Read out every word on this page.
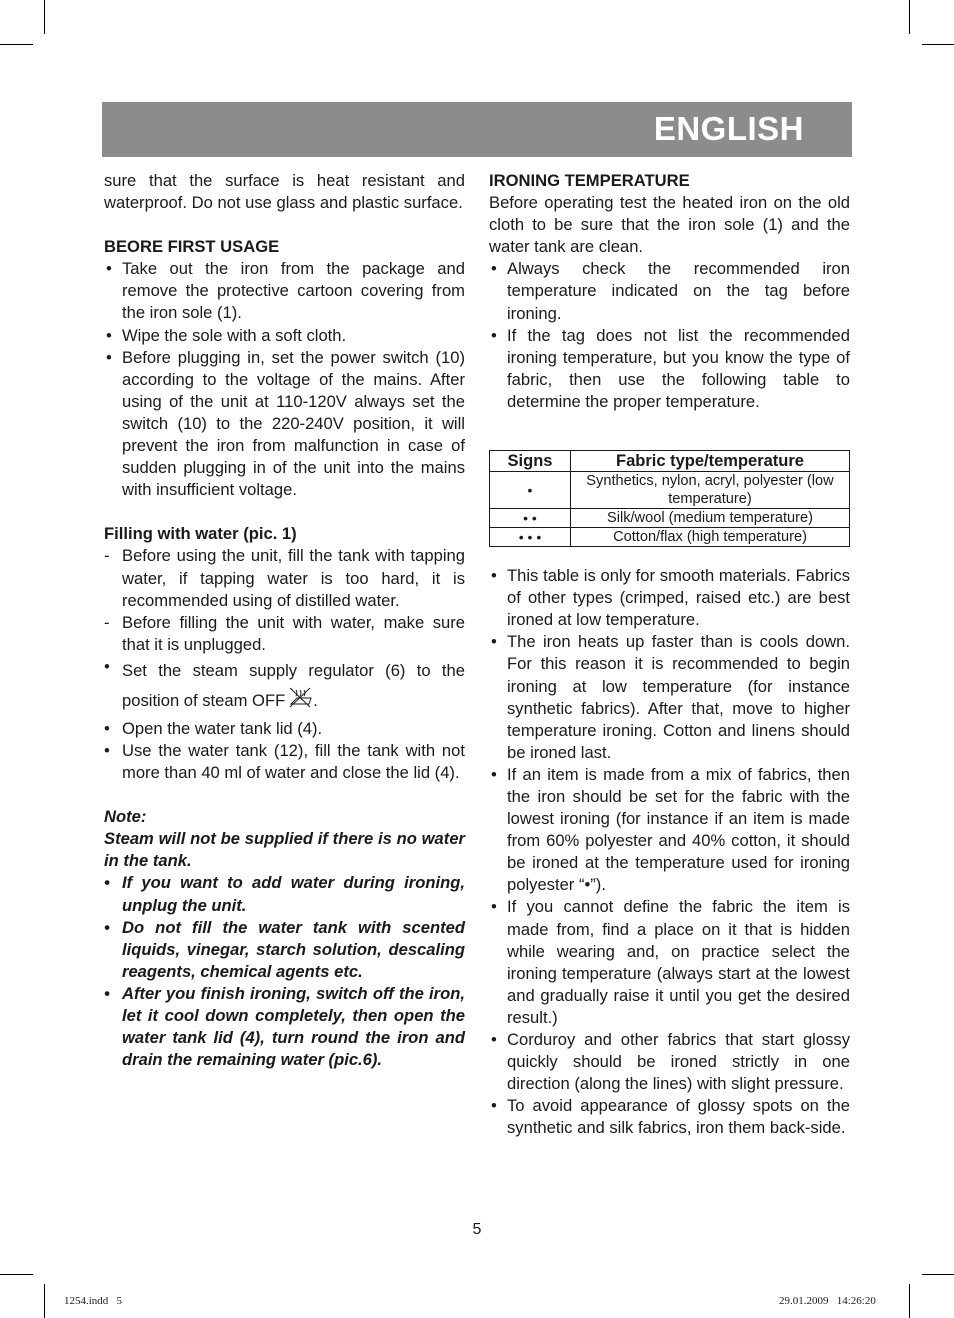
ENGLISH

sure that the surface is heat resistant and waterproof. Do not use glass and plastic surface.

BEORE FIRST USAGE
• Take out the iron from the package and remove the protective cartoon covering from the iron sole (1).
• Wipe the sole with a soft cloth.
• Before plugging in, set the power switch (10) according to the voltage of the mains. After using of the unit at 110-120V always set the switch (10) to the 220-240V position, it will prevent the iron from malfunction in case of sudden plugging in of the unit into the mains with insufficient voltage.
Filling with water (pic. 1)
- Before using the unit, fill the tank with tapping water, if tapping water is too hard, it is recommended using of distilled water.
- Before filling the unit with water, make sure that it is unplugged.
• Set the steam supply regulator (6) to the position of steam OFF .
• Open the water tank lid (4).
• Use the water tank (12), fill the tank with not more than 40 ml of water and close the lid (4).
Note:

Steam will not be supplied if there is no water in the tank.

• If you want to add water during ironing, unplug the unit.
• Do not fill the water tank with scented liquids, vinegar, starch solution, descaling reagents, chemical agents etc.
• After you finish ironing, switch off the iron, let it cool down completely, then open the water tank lid (4), turn round the iron and drain the remaining water (pic.6).
IRONING TEMPERATURE

Before operating test the heated iron on the old cloth to be sure that the iron sole (1) and the water tank are clean.

• Always check the recommended iron temperature indicated on the tag before ironing.
• If the tag does not list the recommended ironing temperature, but you know the type of fabric, then use the following table to determine the proper temperature.
Signs	Fabric type/temperature
•	Synthetics, nylon, acryl, polyester (low temperature)
• •	Silk/wool (medium temperature)
• • •	Cotton/flax (high temperature)
• This table is only for smooth materials. Fabrics of other types (crimped, raised etc.) are best ironed at low temperature.
• The iron heats up faster than is cools down. For this reason it is recommended to begin ironing at low temperature (for instance synthetic fabrics). After that, move to higher temperature ironing. Cotton and linens should be ironed last.
• If an item is made from a mix of fabrics, then the iron should be set for the fabric with the lowest ironing (for instance if an item is made from 60% polyester and 40% cotton, it should be ironed at the temperature used for ironing polyester “•”).
• If you cannot define the fabric the item is made from, find a place on it that is hidden while wearing and, on practice select the ironing temperature (always start at the lowest and gradually raise it until you get the desired result.)
• Corduroy and other fabrics that start glossy quickly should be ironed strictly in one direction (along the lines) with slight pressure.
• To avoid appearance of glossy spots on the synthetic and silk fabrics, iron them back-side.
5
1254.indd   5	29.01.2009   14:26:20
